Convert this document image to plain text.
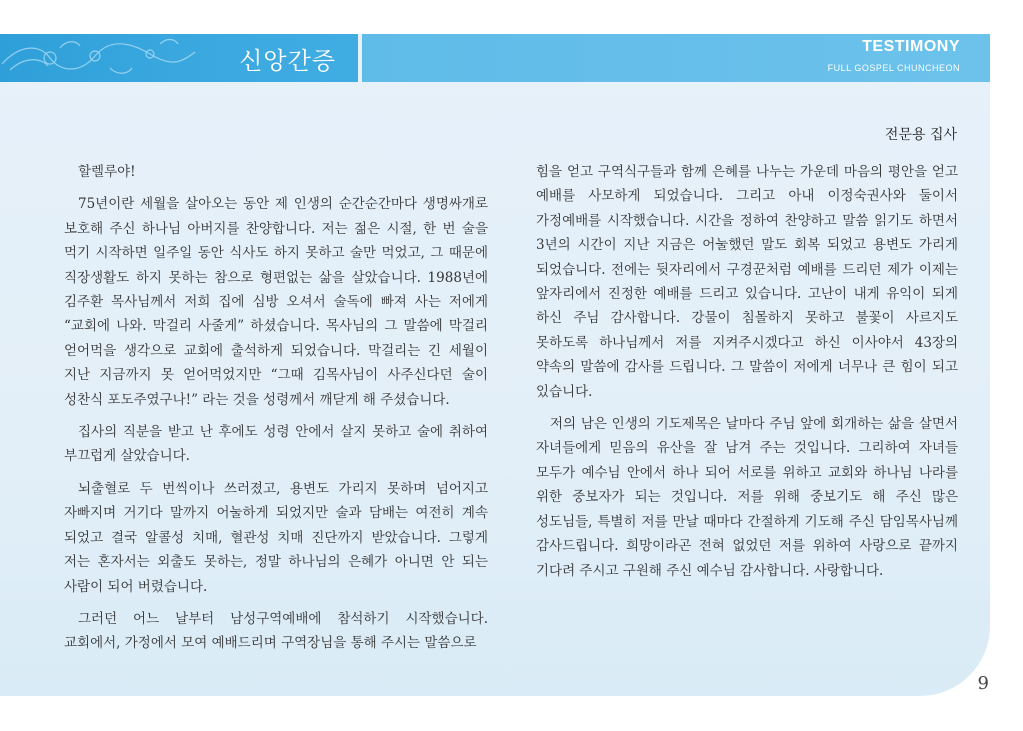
신앙간증
TESTIMONY
FULL GOSPEL CHUNCHEON
전문용 집사

할렐루야!

75년이란 세월을 살아오는 동안 제 인생의 순간순간마다 생명싸개로 보호해 주신 하나님 아버지를 찬양합니다. 저는 젊은 시절, 한 번 술을 먹기 시작하면 일주일 동안 식사도 하지 못하고 술만 먹었고, 그 때문에 직장생활도 하지 못하는 참으로 형편없는 삶을 살았습니다. 1988년에 김주환 목사님께서 저희 집에 심방 오셔서 술독에 빠져 사는 저에게 “교회에 나와. 막걸리 사줄게” 하셨습니다. 목사님의 그 말씀에 막걸리 얻어먹을 생각으로 교회에 출석하게 되었습니다. 막걸리는 긴 세월이 지난 지금까지 못 얻어먹었지만 “그때 김목사님이 사주신다던 술이 성찬식 포도주였구나!” 라는 것을 성령께서 깨닫게 해 주셨습니다.

집사의 직분을 받고 난 후에도 성령 안에서 살지 못하고 술에 취하여 부끄럽게 살았습니다.

뇌출혈로 두 번씩이나 쓰러졌고, 용변도 가리지 못하며 넘어지고 자빠지며 거기다 말까지 어눌하게 되었지만 술과 담배는 여전히 계속 되었고 결국 알콜성 치매, 혈관성 치매 진단까지 받았습니다. 그렇게 저는 혼자서는 외출도 못하는, 정말 하나님의 은혜가 아니면 안 되는 사람이 되어 버렸습니다.

그러던 어느 날부터 남성구역예배에 참석하기 시작했습니다. 교회에서, 가정에서 모여 예배드리며 구역장님을 통해 주시는 말씀으로

힘을 얻고 구역식구들과 함께 은혜를 나누는 가운데 마음의 평안을 얻고 예배를 사모하게 되었습니다. 그리고 아내 이정숙권사와 둘이서 가정예배를 시작했습니다. 시간을 정하여 찬양하고 말씀 읽기도 하면서 3년의 시간이 지난 지금은 어눌했던 말도 회복 되었고 용변도 가리게 되었습니다. 전에는 뒷자리에서 구경꾼처럼 예배를 드리던 제가 이제는 앞자리에서 진정한 예배를 드리고 있습니다. 고난이 내게 유익이 되게 하신 주님 감사합니다. 강물이 침몰하지 못하고 불꽃이 사르지도 못하도록 하나님께서 저를 지켜주시겠다고 하신 이사야서 43장의 약속의 말씀에 감사를 드립니다. 그 말씀이 저에게 너무나 큰 힘이 되고 있습니다.

저의 남은 인생의 기도제목은 날마다 주님 앞에 회개하는 삶을 살면서 자녀들에게 믿음의 유산을 잘 남겨 주는 것입니다. 그리하여 자녀들 모두가 예수님 안에서 하나 되어 서로를 위하고 교회와 하나님 나라를 위한 중보자가 되는 것입니다. 저를 위해 중보기도 해 주신 많은 성도님들, 특별히 저를 만날 때마다 간절하게 기도해 주신 담임목사님께 감사드립니다. 희망이라곤 전혀 없었던 저를 위하여 사랑으로 끝까지 기다려 주시고 구원해 주신 예수님 감사합니다. 사랑합니다.

9
